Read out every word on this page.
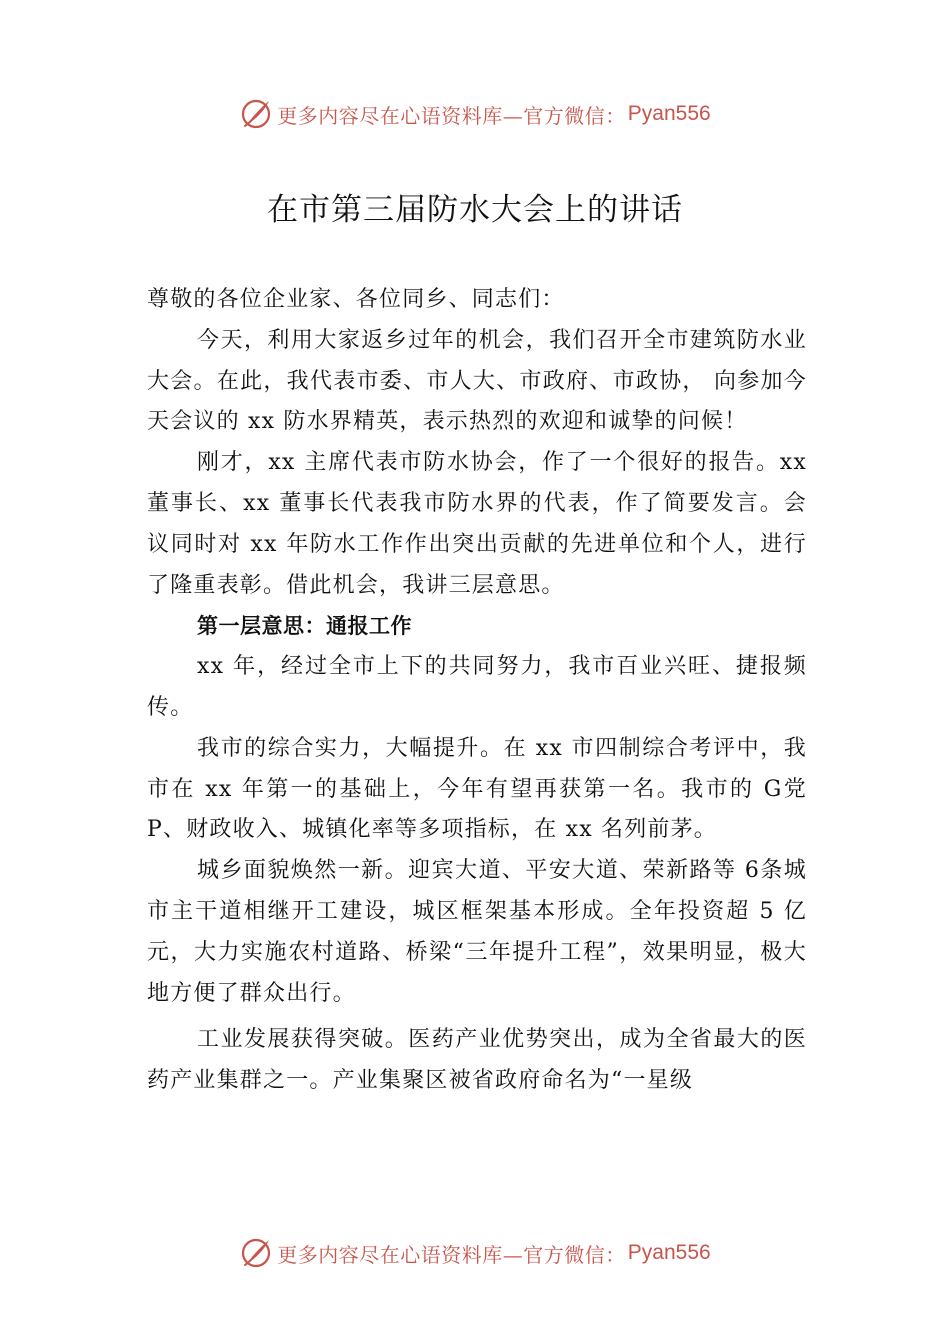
更多内容尽在心语资料库—官方微信： Pyan556
在市第三届防水大会上的讲话

尊敬的各位企业家、各位同乡、同志们：

今天，利用大家返乡过年的机会，我们召开全市建筑防水业大会。在此，我代表市委、市人大、市政府、市政协， 向参加今天会议的 xx 防水界精英，表示热烈的欢迎和诚挚的问候！

刚才，xx 主席代表市防水协会，作了一个很好的报告。xx 董事长、xx 董事长代表我市防水界的代表，作了简要发言。会议同时对 xx 年防水工作作出突出贡献的先进单位和个人，进行了隆重表彰。借此机会，我讲三层意思。

第一层意思：通报工作

xx 年，经过全市上下的共同努力，我市百业兴旺、捷报频传。

我市的综合实力，大幅提升。在 xx 市四制综合考评中，我市在 xx 年第一的基础上，今年有望再获第一名。我市的 G党 P、财政收入、城镇化率等多项指标，在 xx 名列前茅。

城乡面貌焕然一新。迎宾大道、平安大道、荣新路等 6条城市主干道相继开工建设，城区框架基本形成。全年投资超 5 亿元，大力实施农村道路、桥梁“三年提升工程”，效果明显，极大地方便了群众出行。

工业发展获得突破。医药产业优势突出，成为全省最大的医药产业集群之一。产业集聚区被省政府命名为“一星级

更多内容尽在心语资料库—官方微信： Pyan556
